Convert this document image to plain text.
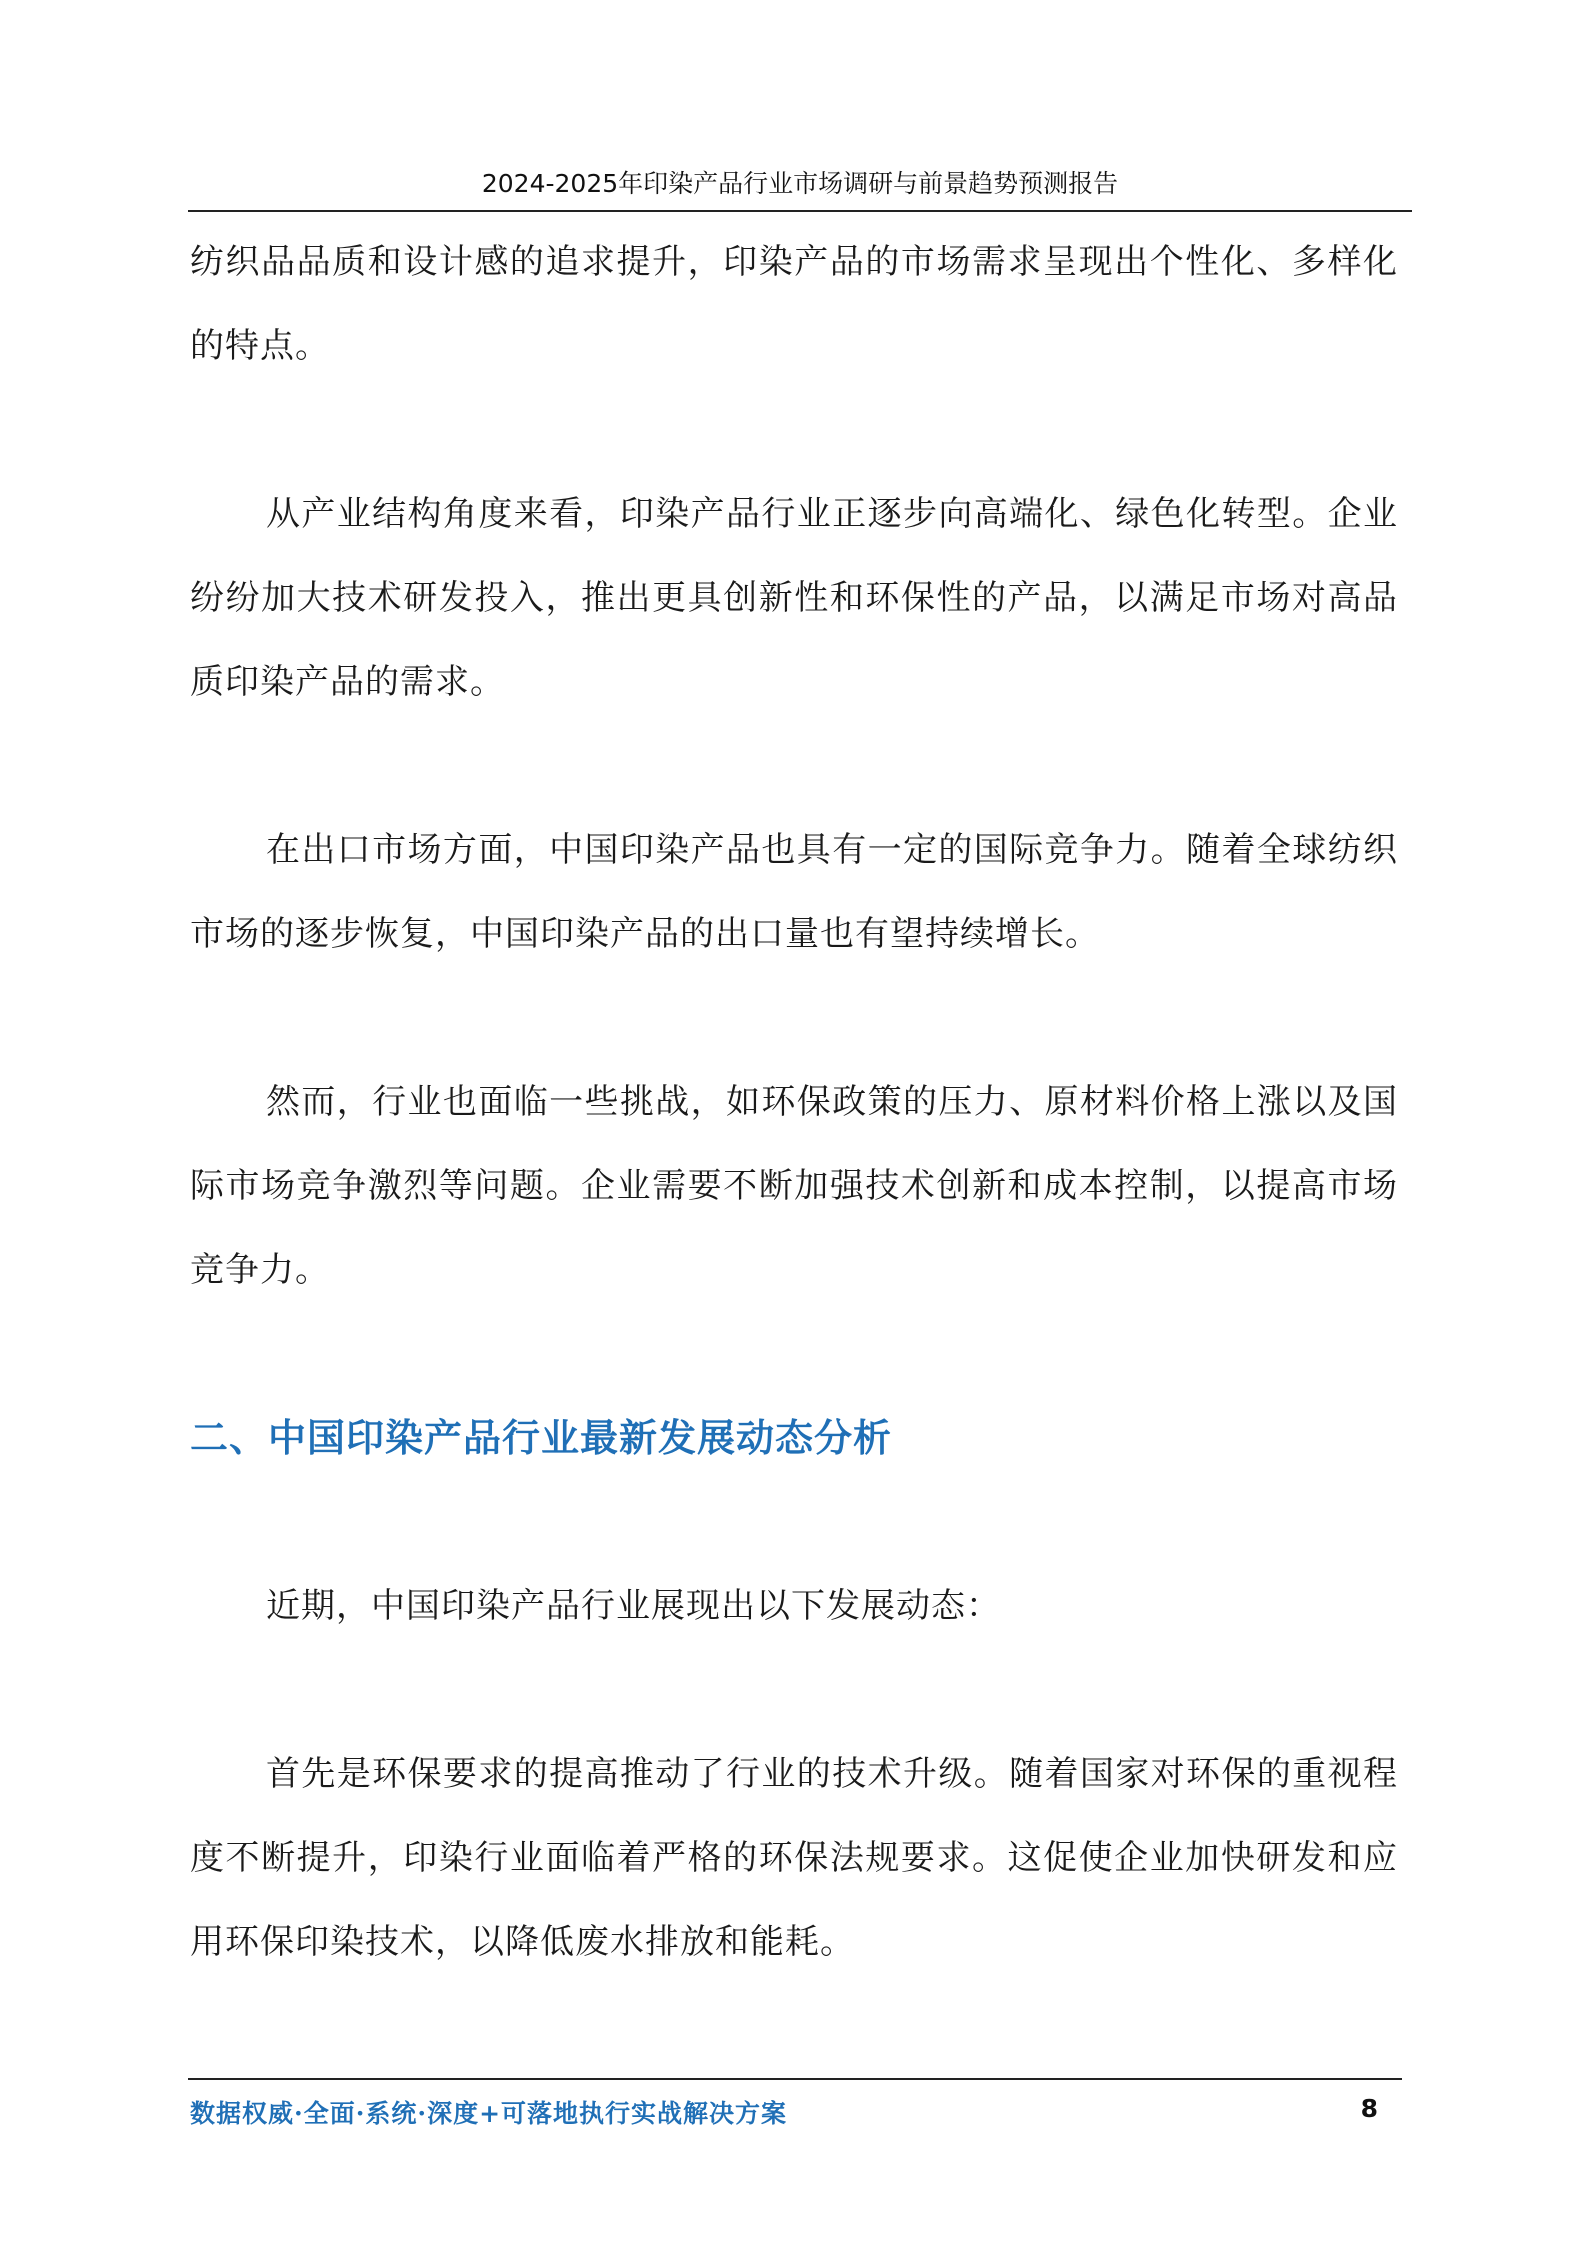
2024-2025年印染产品行业市场调研与前景趋势预测报告

纺织品品质和设计感的追求提升，印染产品的市场需求呈现出个性化、多样化的特点。

从产业结构角度来看，印染产品行业正逐步向高端化、绿色化转型。企业纷纷加大技术研发投入，推出更具创新性和环保性的产品，以满足市场对高品质印染产品的需求。

在出口市场方面，中国印染产品也具有一定的国际竞争力。随着全球纺织市场的逐步恢复，中国印染产品的出口量也有望持续增长。

然而，行业也面临一些挑战，如环保政策的压力、原材料价格上涨以及国际市场竞争激烈等问题。企业需要不断加强技术创新和成本控制，以提高市场竞争力。

二、中国印染产品行业最新发展动态分析

近期，中国印染产品行业展现出以下发展动态：

首先是环保要求的提高推动了行业的技术升级。随着国家对环保的重视程度不断提升，印染行业面临着严格的环保法规要求。这促使企业加快研发和应用环保印染技术，以降低废水排放和能耗。

数据权威·全面·系统·深度+可落地执行实战解决方案	8
